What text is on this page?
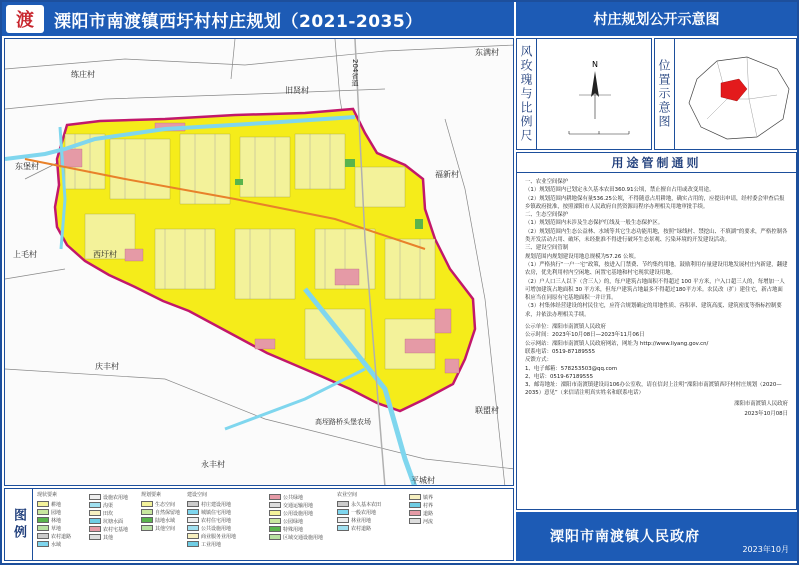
渡	溧阳市南渡镇西圩村村庄规划（2021-2035）	村庄规划公开示意图
练庄村
旧贤村
东满村
东堡村
福新村
上毛村	西圩村
庆丰村
联盟村
永丰村
平城村
高垤路桥头堡农场
204省道
图例
现状要素
耕地
园地
林地
草地
农村道路
水域
设施农用地
沟渠
田坎
坑塘水面
农村宅基地
其他
规划要素
生态空间
自然保留地
陆地水域
其他空间
建设空间
村庄建设用地
城镇住宅用地
农村住宅用地
公共设施用地
商业服务业用地
工业用地
公共绿地
交通运输用地
公用设施用地
公园绿地
特殊用地
区域交通设施用地
农业空间
永久基本农田
一般农用地
林业用地
农村道路
镇界
村界
道路
河流
风玫瑰与比例尺	N	位置示意图
用途管制通则

一、农业空间保护

（1）规划范围内已划定永久基本农田360.91公顷，禁止擅自占用或改变用途。

（2）规划范围内耕地保有量536.25公顷，不得随意占用耕地，确实占用的，应提出申请，经村委会审查后报乡镇政府批准，按照溧阳市人民政府自然资源局程序办理相关用地审批手续。

二、生态空间保护

（1）规划范围内未涉及生态保护红线及一般生态保护区。

（2）规划范围内生态公益林、水域等其它生态功能用地，按照“绿线村、禁挖山、不填湖”的要求，严格控制各类开发活动占用、破坏，未经批准不得进行破坏生态景观、污染环境的开发建设活动。

三、建设空间管制

规划范围内规划建设用地总规模为57.26 公顷。

（1）严格执行“一户一宅”政策，按进入门禁费、节约集约用地，鼓励利用存量建设用地发展村庄内新建，翻建农房，优先利用村内空闲地、闲置宅基地和村宅现状建设用地。

（2）户人口三人以下（含三人）的，每户建筑占地面积不得超过 100 平方米，户入口超三人的，每增加一人可增加建筑占地面积 30 平方米，但每户建筑占地最多不得超过180平方米。农民改（扩）建住宅，新占地面积应当在同原有宅基地面积一并计算。

（3）村集体经营建设的村民住宅，应符合规划确定的用地性质、容积率、建筑高度、建筑密度等指标控制要求，并依法办理相关手续。

公示单位：溧阳市南渡镇人民政府

公示时间：2023年10月08日—2023年11月06日

公示网站：溧阳市南渡镇人民政府网站，网址为 http://www.liyang.gov.cn/

联系电话：0519-87189555

反馈方式：

1、电子邮箱：578253503@qq.com

2、电话：0519-67189555

3、邮寄地址：溧阳市南渡镇建设局106办公室收，请在信封上注明“溧阳市南渡镇西圩村村庄规划（2020—2035）意见”（来信请注明真实姓名和联系电话）

溧阳市南渡镇人民政府
2023年10月08日
溧阳市南渡镇人民政府
2023年10月
